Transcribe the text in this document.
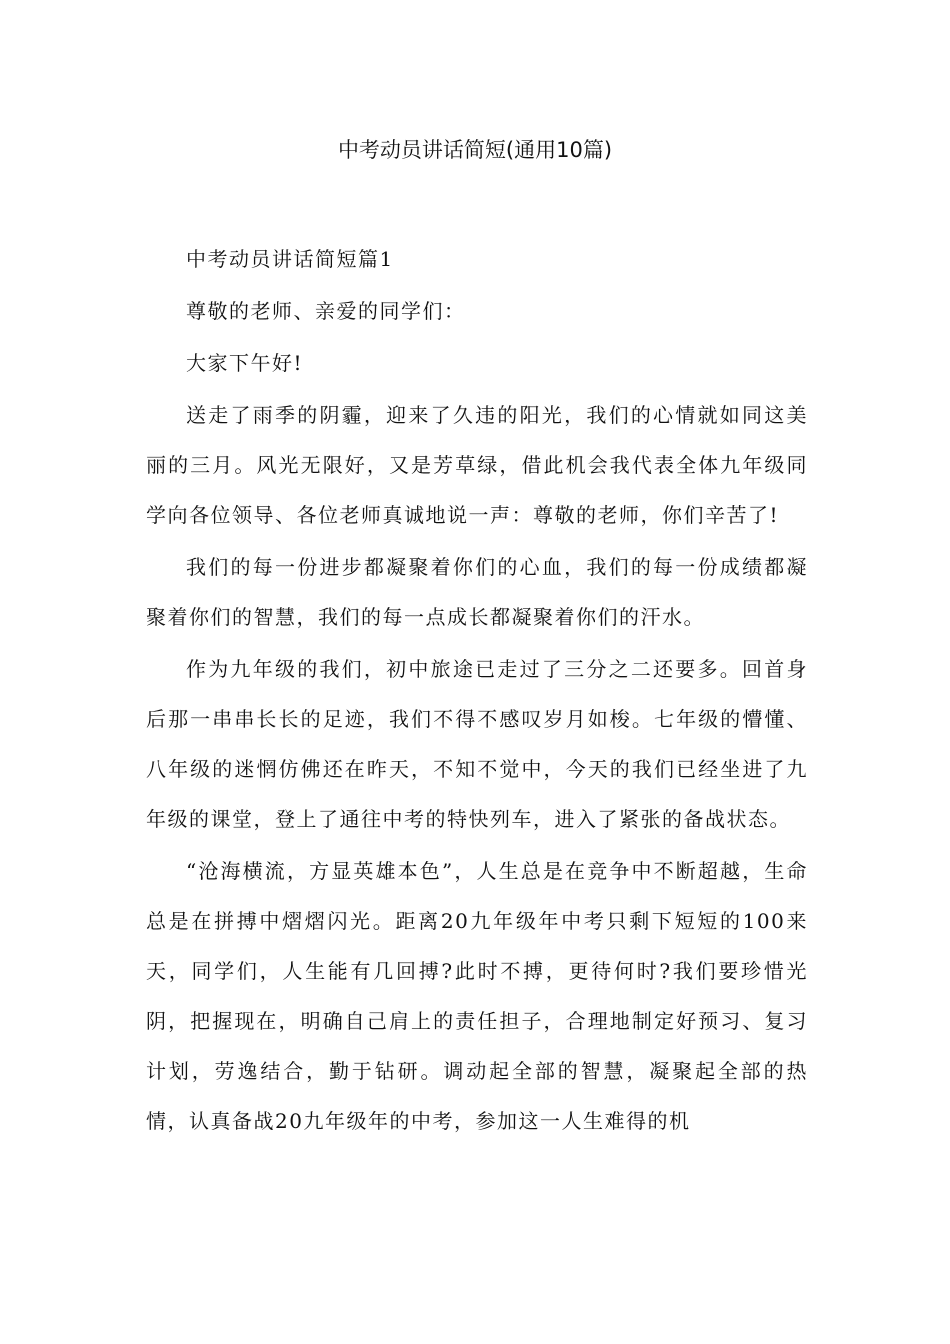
中考动员讲话简短(通用10篇)

中考动员讲话简短篇1

尊敬的老师、亲爱的同学们：

大家下午好!

送走了雨季的阴霾，迎来了久违的阳光，我们的心情就如同这美丽的三月。风光无限好，又是芳草绿，借此机会我代表全体九年级同学向各位领导、各位老师真诚地说一声：尊敬的老师，你们辛苦了!

我们的每一份进步都凝聚着你们的心血，我们的每一份成绩都凝聚着你们的智慧，我们的每一点成长都凝聚着你们的汗水。

作为九年级的我们，初中旅途已走过了三分之二还要多。回首身后那一串串长长的足迹，我们不得不感叹岁月如梭。七年级的懵懂、八年级的迷惘仿佛还在昨天，不知不觉中，今天的我们已经坐进了九年级的课堂，登上了通往中考的特快列车，进入了紧张的备战状态。

“沧海横流，方显英雄本色”，人生总是在竞争中不断超越，生命总是在拼搏中熠熠闪光。距离20九年级年中考只剩下短短的100来天，同学们，人生能有几回搏?此时不搏，更待何时?我们要珍惜光阴，把握现在，明确自己肩上的责任担子，合理地制定好预习、复习计划，劳逸结合，勤于钻研。调动起全部的智慧，凝聚起全部的热情，认真备战20九年级年的中考，参加这一人生难得的机
